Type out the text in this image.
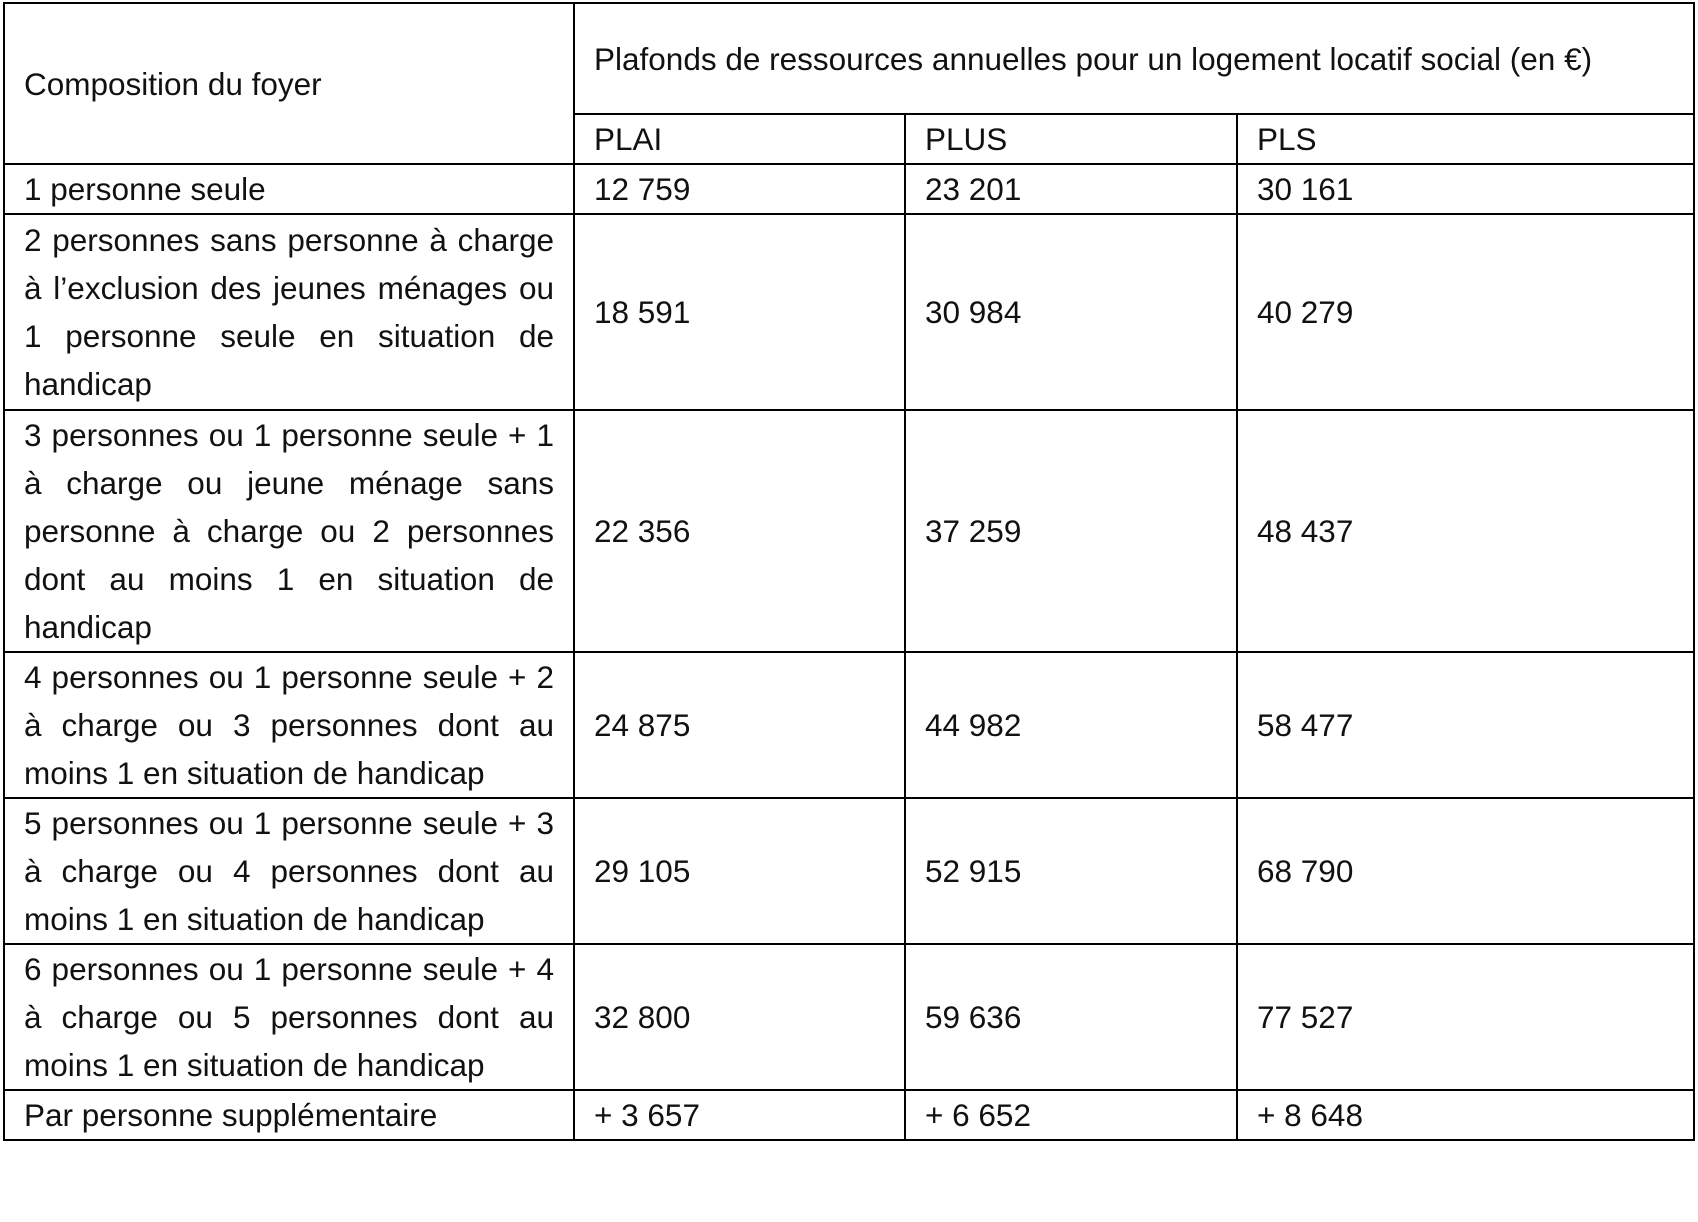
Composition du foyer	Plafonds de ressources annuelles pour un logement locatif social (en €)		
	PLAI	PLUS	PLS
1 personne seule	12 759	23 201	30 161
2 personnes sans personne à charge à l’exclusion des jeunes ménages ou 1 personne seule en situation de handicap	18 591	30 984	40 279
3 personnes ou 1 personne seule + 1 à charge ou jeune ménage sans personne à charge ou 2 personnes dont au moins 1 en situation de handicap	22 356	37 259	48 437
4 personnes ou 1 personne seule + 2 à charge ou 3 personnes dont au moins 1 en situation de handicap	24 875	44 982	58 477
5 personnes ou 1 personne seule + 3 à charge ou 4 personnes dont au moins 1 en situation de handicap	29 105	52 915	68 790
6 personnes ou 1 personne seule + 4 à charge ou 5 personnes dont au moins 1 en situation de handicap	32 800	59 636	77 527
Par personne supplémentaire	+ 3 657	+ 6 652	+ 8 648
